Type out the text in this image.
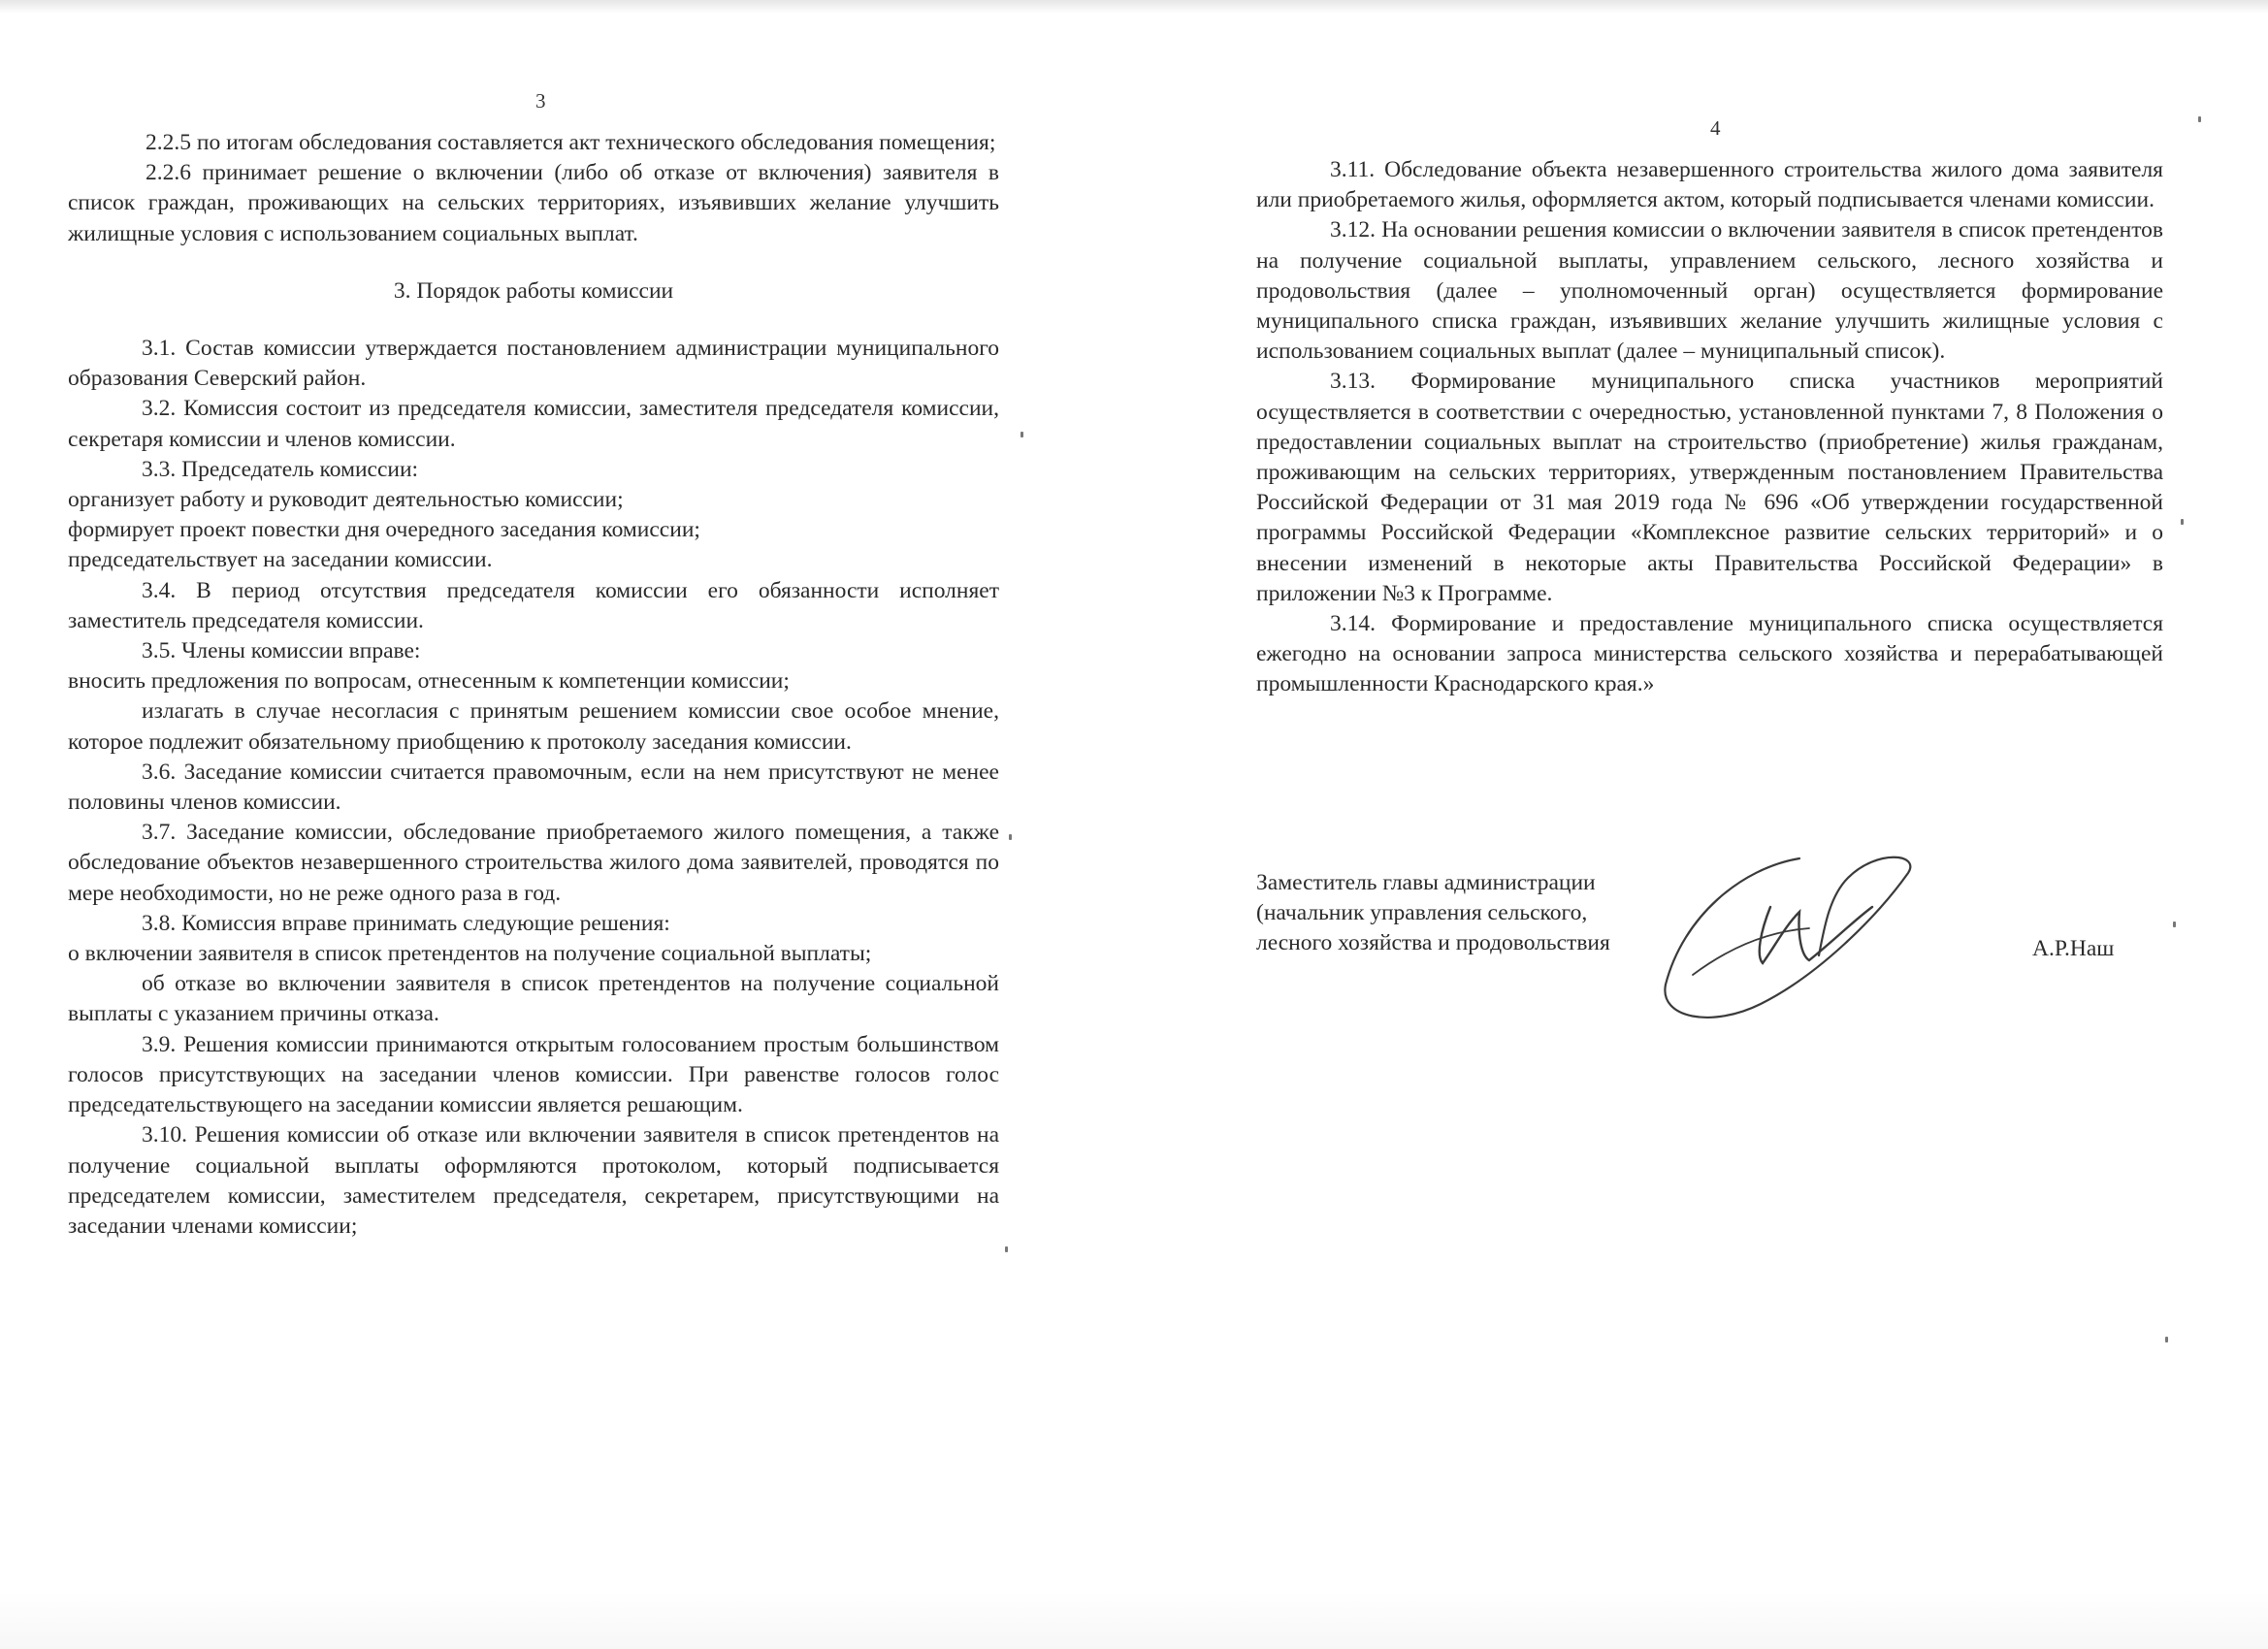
3

2.2.5 по итогам обследования составляется акт технического обследования помещения;

2.2.6 принимает решение о включении (либо об отказе от включения) заявителя в список граждан, проживающих на сельских территориях, изъявивших желание улучшить жилищные условия с использованием социальных выплат.

3. Порядок работы комиссии

3.1. Состав комиссии утверждается постановлением администрации муниципального образования Северский район.

3.2. Комиссия состоит из председателя комиссии, заместителя председателя комиссии, секретаря комиссии и членов комиссии.

3.3. Председатель комиссии:

организует работу и руководит деятельностью комиссии;

формирует проект повестки дня очередного заседания комиссии;

председательствует на заседании комиссии.

3.4. В период отсутствия председателя комиссии его обязанности исполняет заместитель председателя комиссии.

3.5. Члены комиссии вправе:

вносить предложения по вопросам, отнесенным к компетенции комиссии;

излагать в случае несогласия с принятым решением комиссии свое особое мнение, которое подлежит обязательному приобщению к протоколу заседания комиссии.

3.6. Заседание комиссии считается правомочным, если на нем присутствуют не менее половины членов комиссии.

3.7. Заседание комиссии, обследование приобретаемого жилого помещения, а также обследование объектов незавершенного строительства жилого дома заявителей, проводятся по мере необходимости, но не реже одного раза в год.

3.8. Комиссия вправе принимать следующие решения:

о включении заявителя в список претендентов на получение социальной выплаты;

об отказе во включении заявителя в список претендентов на получение социальной выплаты с указанием причины отказа.

3.9. Решения комиссии принимаются открытым голосованием простым большинством голосов присутствующих на заседании членов комиссии. При равенстве голосов голос председательствующего на заседании комиссии является решающим.

3.10. Решения комиссии об отказе или включении заявителя в список претендентов на получение социальной выплаты оформляются протоколом, который подписывается председателем комиссии, заместителем председателя, секретарем, присутствующими на заседании членами комиссии;

4

3.11. Обследование объекта незавершенного строительства жилого дома заявителя или приобретаемого жилья, оформляется актом, который подписывается членами комиссии.

3.12. На основании решения комиссии о включении заявителя в список претендентов на получение социальной выплаты, управлением сельского, лесного хозяйства и продовольствия (далее – уполномоченный орган) осуществляется формирование муниципального списка граждан, изъявивших желание улучшить жилищные условия с использованием социальных выплат (далее – муниципальный список).

3.13. Формирование муниципального списка участников мероприятий осуществляется в соответствии с очередностью, установленной пунктами 7, 8 Положения о предоставлении социальных выплат на строительство (приобретение) жилья гражданам, проживающим на сельских территориях, утвержденным постановлением Правительства Российской Федерации от 31 мая 2019 года № 696 «Об утверждении государственной программы Российской Федерации «Комплексное развитие сельских территорий» и о внесении изменений в некоторые акты Правительства Российской Федерации» в приложении №3 к Программе.

3.14. Формирование и предоставление муниципального списка осуществляется ежегодно на основании запроса министерства сельского хозяйства и перерабатывающей промышленности Краснодарского края.»

Заместитель главы администрации
(начальник управления сельского,
лесного хозяйства и продовольствия	А.Р.Наш
